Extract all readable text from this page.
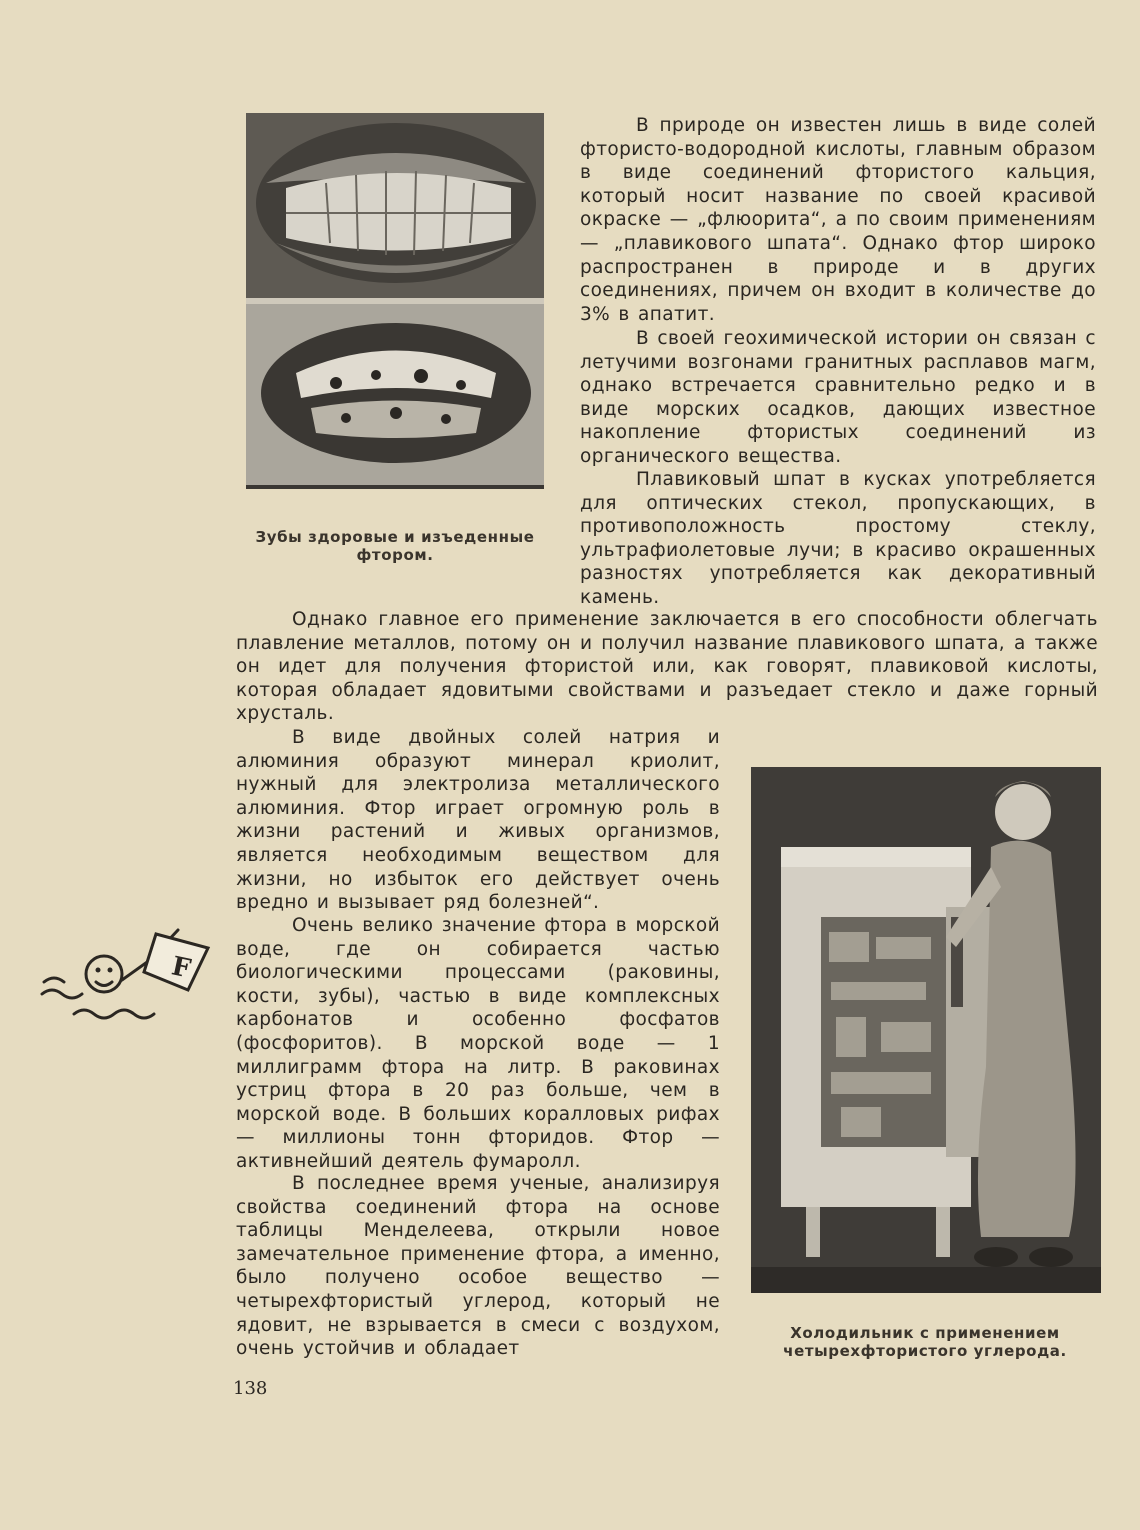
Зубы здоровые и изъеденные
фтором.

В природе он известен лишь в виде солей фтористо-водородной кислоты, главным образом в виде соединений фтористого кальция, который носит название по своей красивой окраске — „флюорита“, а по своим применениям — „плавикового шпата“. Однако фтор широко распространен в природе и в других соединениях, причем он входит в количестве до 3% в апатит.

В своей геохимической истории он связан с летучими возгонами гранитных расплавов магм, однако встречается сравнительно редко и в виде морских осадков, дающих известное накопление фтористых соединений из органического вещества.

Плавиковый шпат в кусках употребляется для оптических стекол, пропускающих, в противоположность простому стеклу, ультрафиолетовые лучи; в красиво окрашенных разностях употребляется как декоративный камень.

Однако главное его применение заключается в его способности облегчать плавление металлов, потому он и получил название плавикового шпата, а также он идет для получения фтористой или, как говорят, плавиковой кислоты, которая обладает ядовитыми свойствами и разъедает стекло и даже горный хрусталь.

В виде двойных солей натрия и алюминия образуют минерал криолит, нужный для электролиза металлического алюминия. Фтор играет огромную роль в жизни растений и живых организмов, является необходимым веществом для жизни, но избыток его действует очень вредно и вызывает ряд болезней“.

Очень велико значение фтора в морской воде, где он собирается частью биологическими процессами (раковины, кости, зубы), частью в виде комплексных карбонатов и особенно фосфатов (фосфоритов). В морской воде — 1 миллиграмм фтора на литр. В раковинах устриц фтора в 20 раз больше, чем в морской воде. В больших коралловых рифах — миллионы тонн фторидов. Фтор — активнейший деятель фумаролл.

В последнее время ученые, анализируя свойства соединений фтора на основе таблицы Менделеева, открыли новое замечательное применение фтора, а именно, было получено особое вещество — четырехфтористый углерод, который не ядовит, не взрывается в смеси с воздухом, очень устойчив и обладает

Холодильник с применением
четырехфтористого углерода.

F
138
